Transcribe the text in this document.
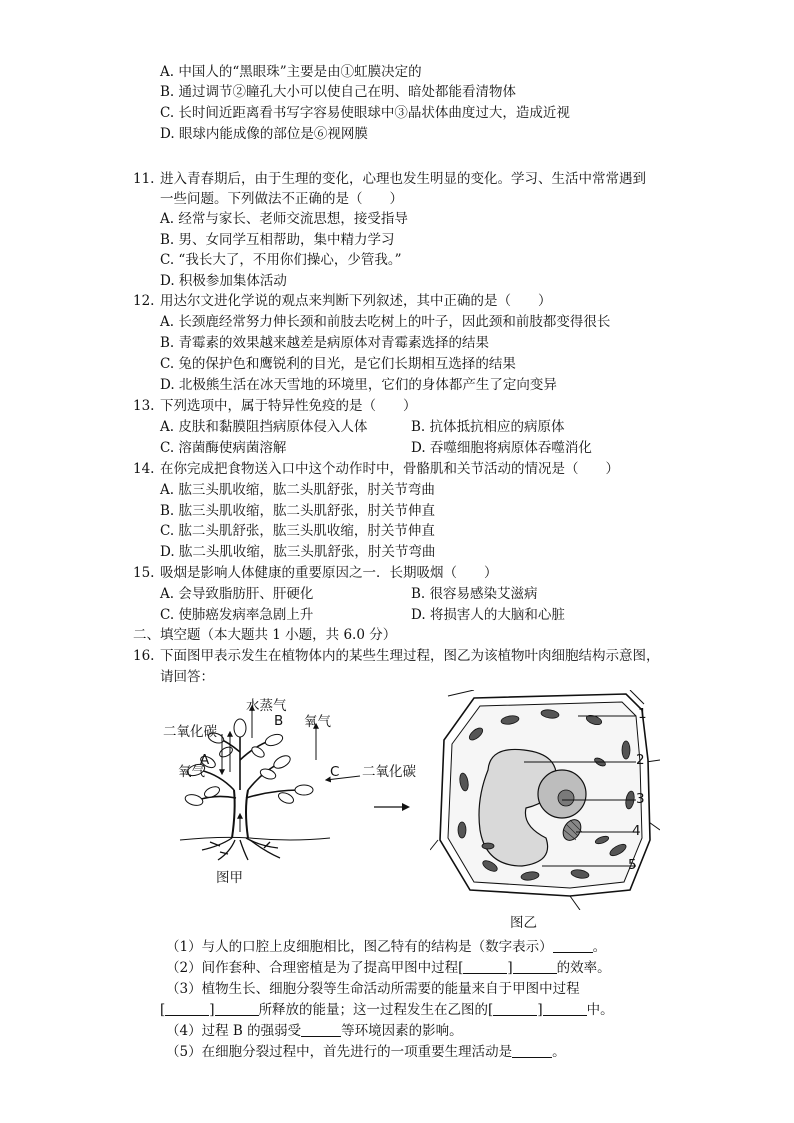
A. 中国人的“黑眼珠”主要是由①虹膜决定的
B. 通过调节②瞳孔大小可以使自己在明、暗处都能看清物体
C. 长时间近距离看书写字容易使眼球中③晶状体曲度过大，造成近视
D. 眼球内能成像的部位是⑥视网膜
11. 进入青春期后，由于生理的变化，心理也发生明显的变化。学习、生活中常常遇到
一些问题。下列做法不正确的是（　　）
A. 经常与家长、老师交流思想，接受指导
B. 男、女同学互相帮助，集中精力学习
C. “我长大了，不用你们操心，少管我。”
D. 积极参加集体活动
12. 用达尔文进化学说的观点来判断下列叙述，其中正确的是（　　）
A. 长颈鹿经常努力伸长颈和前肢去吃树上的叶子，因此颈和前肢都变得很长
B. 青霉素的效果越来越差是病原体对青霉素选择的结果
C. 兔的保护色和鹰锐利的目光，是它们长期相互选择的结果
D. 北极熊生活在冰天雪地的环境里，它们的身体都产生了定向变异
13. 下列选项中，属于特异性免疫的是（　　）
A. 皮肤和黏膜阻挡病原体侵入人体	B. 抗体抵抗相应的病原体
C. 溶菌酶使病菌溶解	D. 吞噬细胞将病原体吞噬消化
14. 在你完成把食物送入口中这个动作时中，骨骼肌和关节活动的情况是（　　）
A. 肱三头肌收缩，肱二头肌舒张，肘关节弯曲
B. 肱三头肌收缩，肱二头肌舒张，肘关节伸直
C. 肱二头肌舒张，肱三头肌收缩，肘关节伸直
D. 肱二头肌收缩，肱三头肌舒张，肘关节弯曲
15. 吸烟是影响人体健康的重要原因之一．长期吸烟（　　）
A. 会导致脂肪肝、肝硬化	B. 很容易感染艾滋病
C. 使肺癌发病率急剧上升	D. 将损害人的大脑和心脏
二、填空题（本大题共 1 小题，共 6.0 分）
16. 下面图甲表示发生在植物体内的某些生理过程，图乙为该植物叶肉细胞结构示意图，
请回答：
水蒸气
B
二氧化碳
氧气
A
氧气	C 二氧化碳
图甲
1
2
3
4
5
图乙
（1）与人的口腔上皮细胞相比，图乙特有的结构是（数字表示）	。
（2）间作套种、合理密植是为了提高甲图中过程[	]	的效率。
（3）植物生长、细胞分裂等生命活动所需要的能量来自于甲图中过程
[	]	所释放的能量；这一过程发生在乙图的[	]	中。
（4）过程 B 的强弱受	等环境因素的影响。
（5）在细胞分裂过程中，首先进行的一项重要生理活动是	。
